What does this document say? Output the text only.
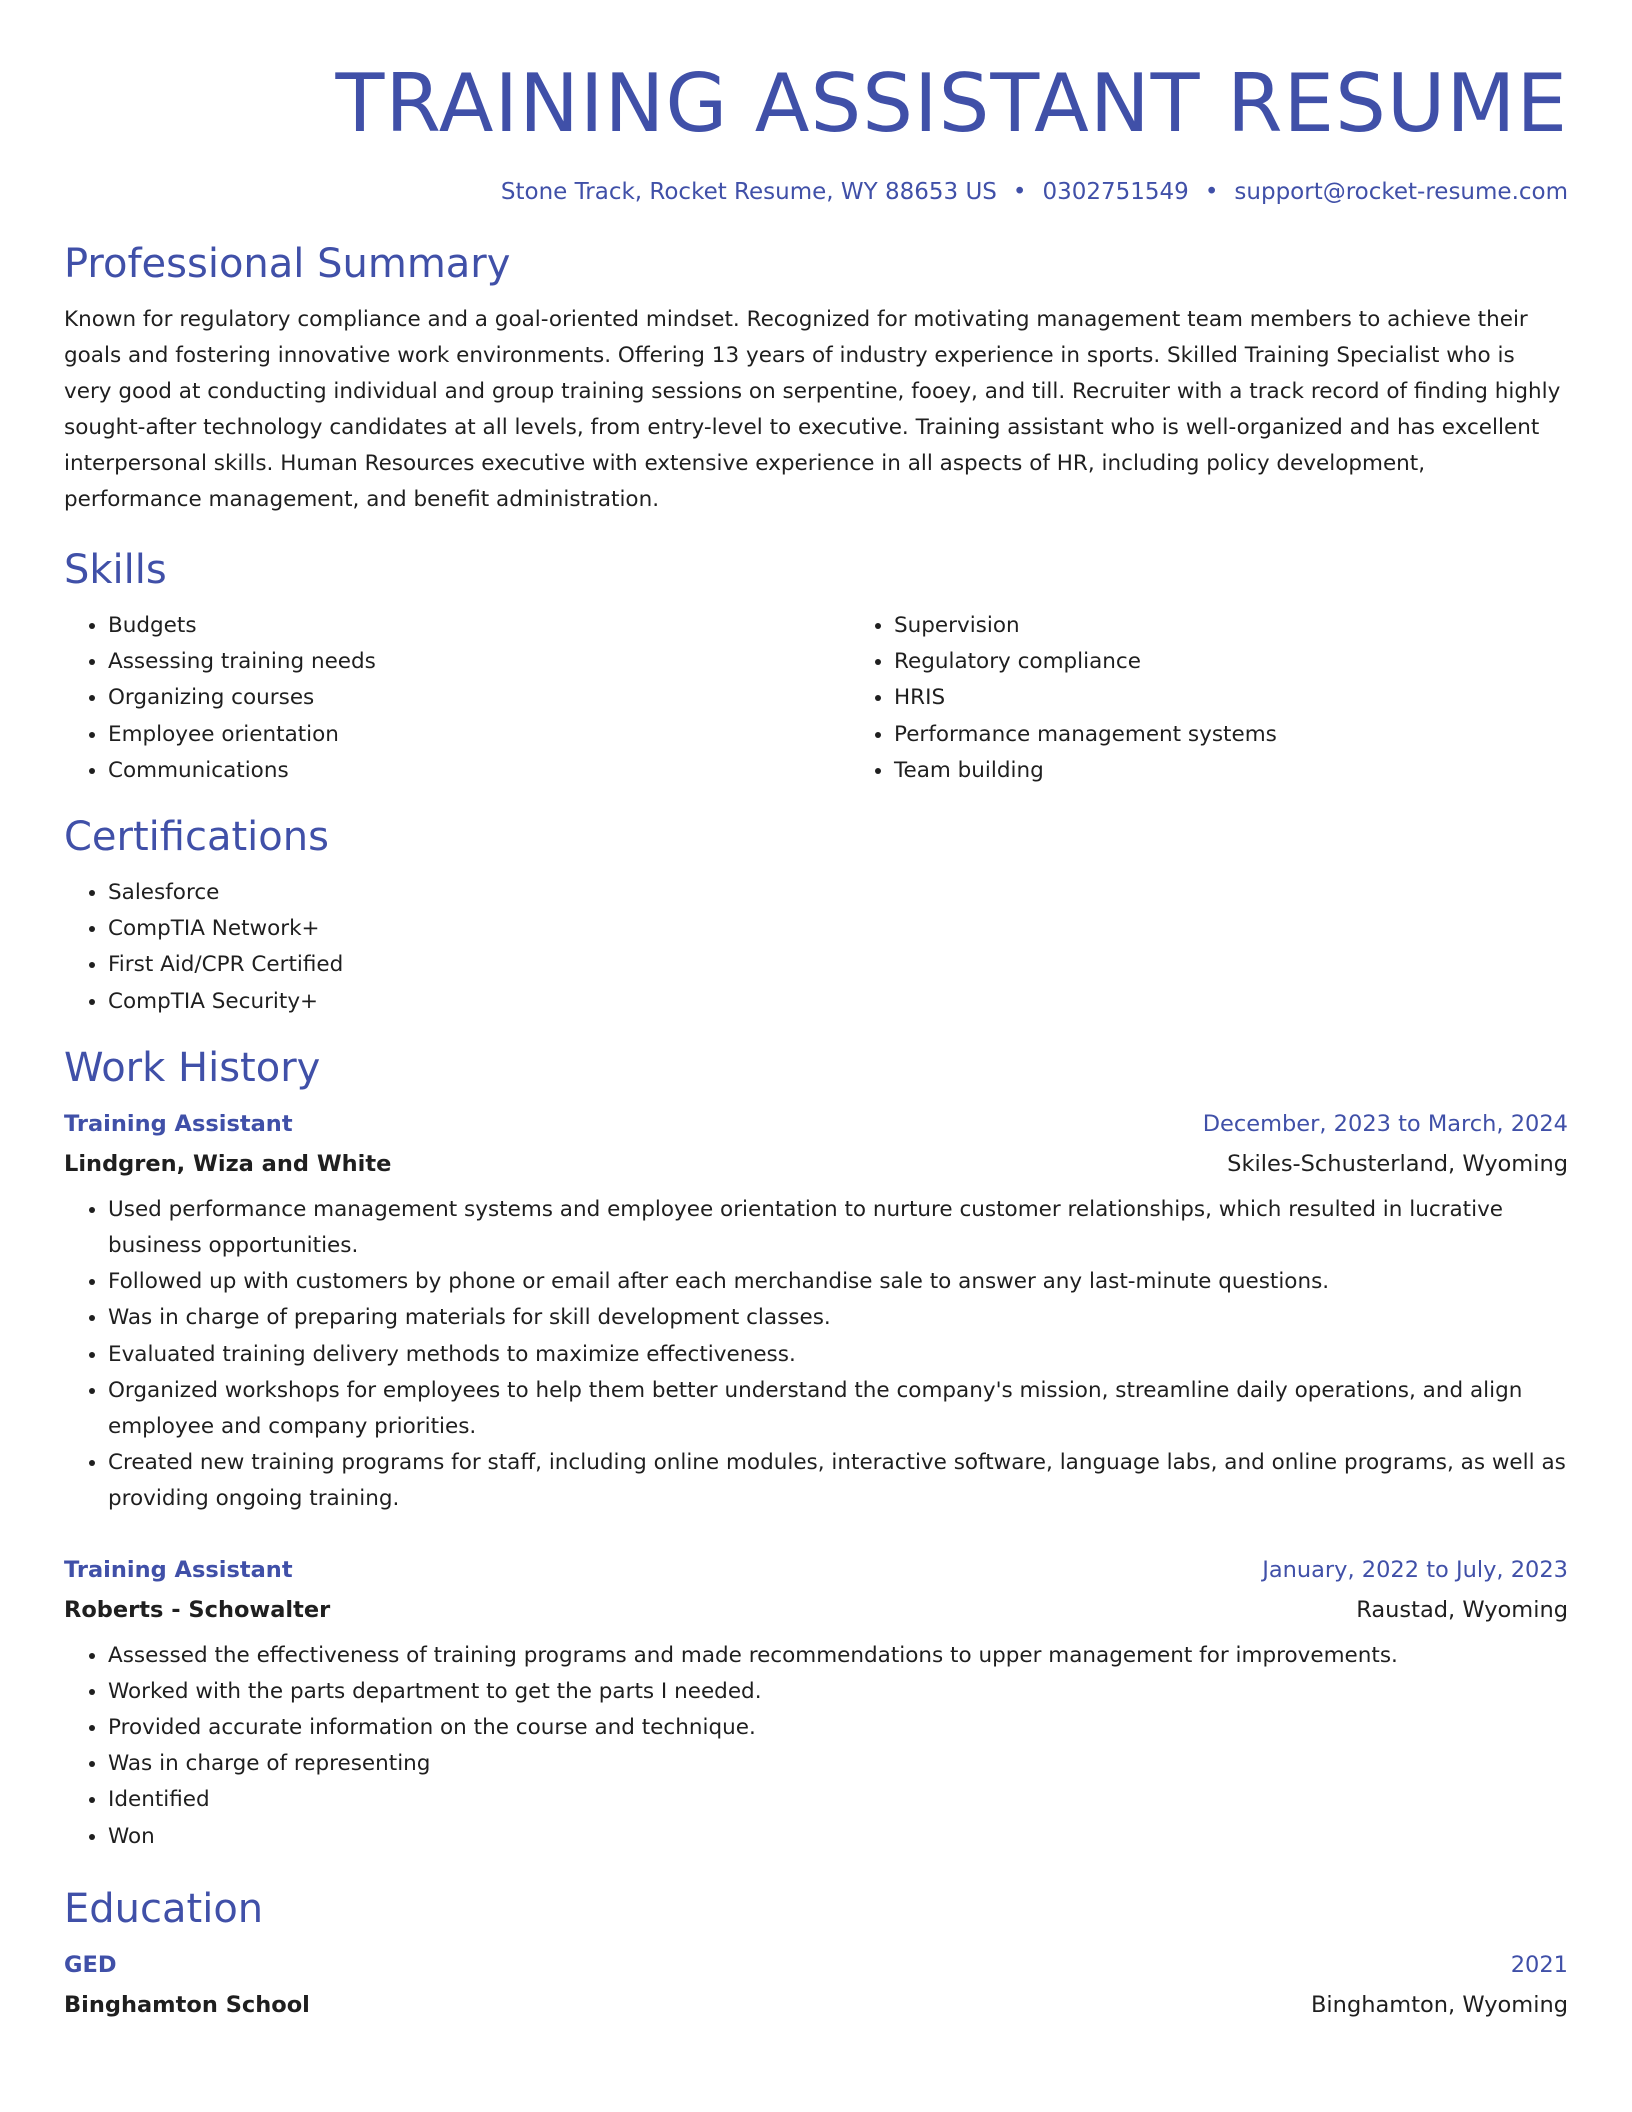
TRAINING ASSISTANT RESUME
Stone Track, Rocket Resume, WY 88653 US • 0302751549 • support@rocket-resume.com
Professional Summary

Known for regulatory compliance and a goal-oriented mindset. Recognized for motivating management team members to achieve their goals and fostering innovative work environments. Offering 13 years of industry experience in sports. Skilled Training Specialist who is very good at conducting individual and group training sessions on serpentine, fooey, and till. Recruiter with a track record of finding highly sought-after technology candidates at all levels, from entry-level to executive. Training assistant who is well-organized and has excellent interpersonal skills. Human Resources executive with extensive experience in all aspects of HR, including policy development, performance management, and benefit administration.

Skills
• Budgets
• Assessing training needs
• Organizing courses
• Employee orientation
• Communications
• Supervision
• Regulatory compliance
• HRIS
• Performance management systems
• Team building
Certifications
• Salesforce
• CompTIA Network+
• First Aid/CPR Certified
• CompTIA Security+
Work History
Training Assistant	December, 2023 to March, 2024
Lindgren, Wiza and White	Skiles-Schusterland, Wyoming
• Used performance management systems and employee orientation to nurture customer relationships, which resulted in lucrative business opportunities.
• Followed up with customers by phone or email after each merchandise sale to answer any last-minute questions.
• Was in charge of preparing materials for skill development classes.
• Evaluated training delivery methods to maximize effectiveness.
• Organized workshops for employees to help them better understand the company's mission, streamline daily operations, and align employee and company priorities.
• Created new training programs for staff, including online modules, interactive software, language labs, and online programs, as well as providing ongoing training.
Training Assistant	January, 2022 to July, 2023
Roberts - Schowalter	Raustad, Wyoming
• Assessed the effectiveness of training programs and made recommendations to upper management for improvements.
• Worked with the parts department to get the parts I needed.
• Provided accurate information on the course and technique.
• Was in charge of representing
• Identified
• Won
Education
GED	2021
Binghamton School	Binghamton, Wyoming
